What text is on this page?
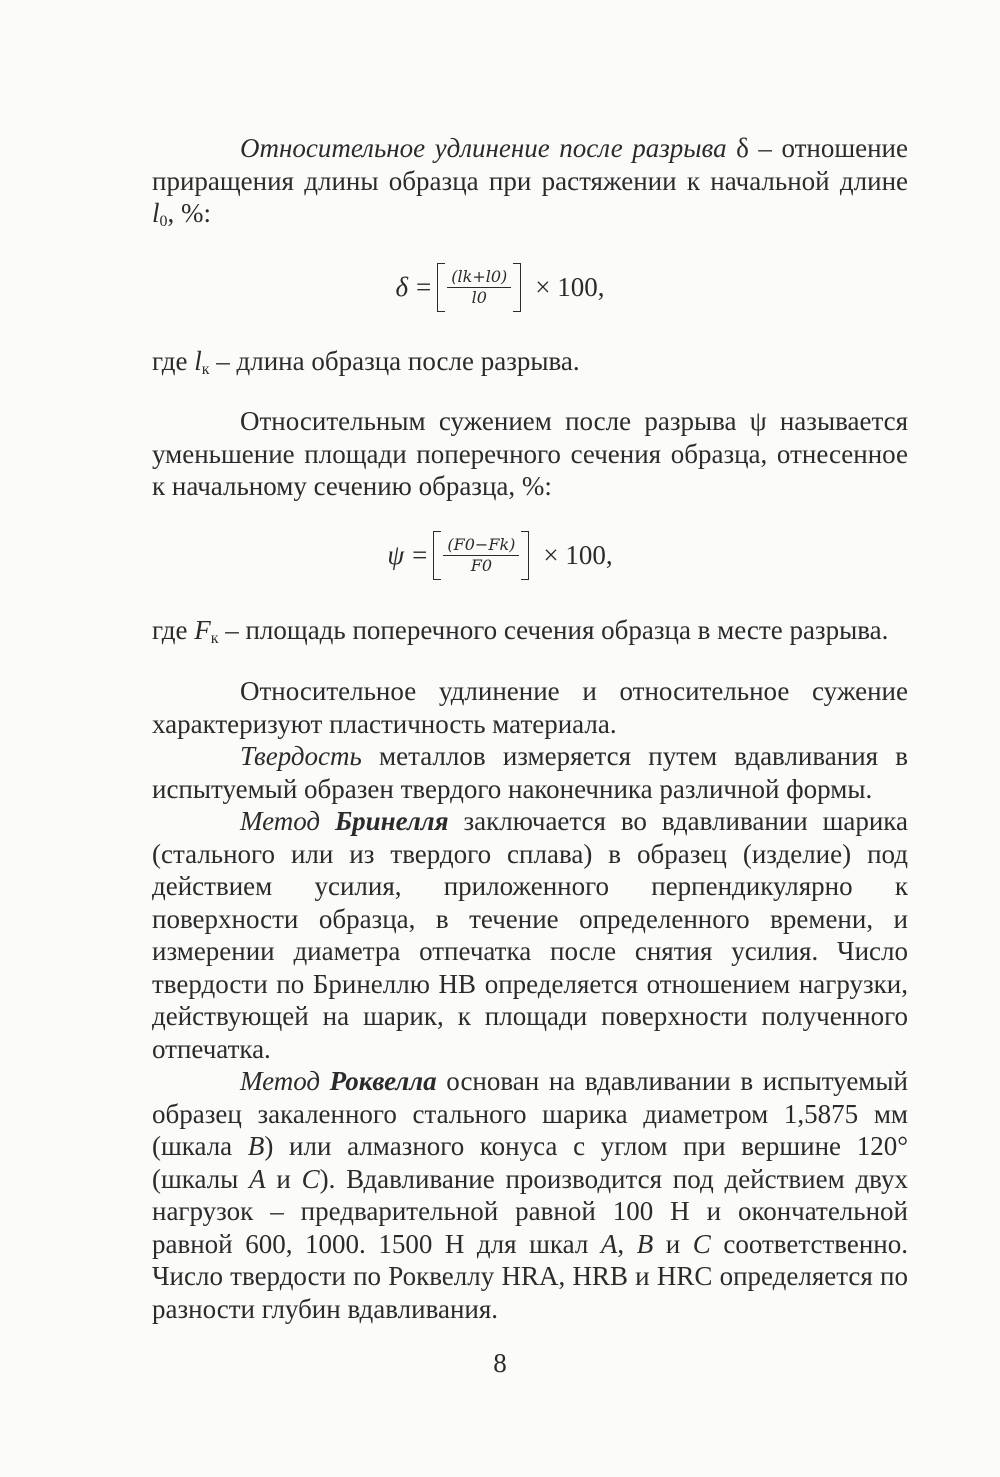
Относительное удлинение после разрыва δ – отношение приращения длины образца при растяжении к начальной длине $l_0$, %:

$\delta = \frac{(lk+l0)}{l0} \times 100$,

где $l_к$ – длина образца после разрыва.

Относительным сужением после разрыва ψ называется уменьшение площади поперечного сечения образца, отнесенное к начальному сечению образца, %:

$\psi = \frac{(F0-Fk)}{F0} \times 100$,

где $F_к$ – площадь поперечного сечения образца в месте разрыва.

Относительное удлинение и относительное сужение характеризуют пластичность материала.

Твердость металлов измеряется путем вдавливания в испытуемый образен твердого наконечника различной формы.

Метод Бринелля заключается во вдавливании шарика (стального или из твердого сплава) в образец (изделие) под действием усилия, приложенного перпендикулярно к поверхности образца, в течение определенного времени, и измерении диаметра отпечатка после снятия усилия. Число твердости по Бринеллю НВ определяется отношением нагрузки, действующей на шарик, к площади поверхности полученного отпечатка.

Метод Роквелла основан на вдавливании в испытуемый образец закаленного стального шарика диаметром 1,5875 мм (шкала В) или алмазного конуса с углом при вершине 120° (шкалы А и С). Вдавливание производится под действием двух нагрузок – предварительной равной 100 Н и окончательной равной 600, 1000. 1500 Н для шкал А, В и С соответственно. Число твердости по Роквеллу HRA, HRB и HRC определяется по разности глубин вдавливания.

8
